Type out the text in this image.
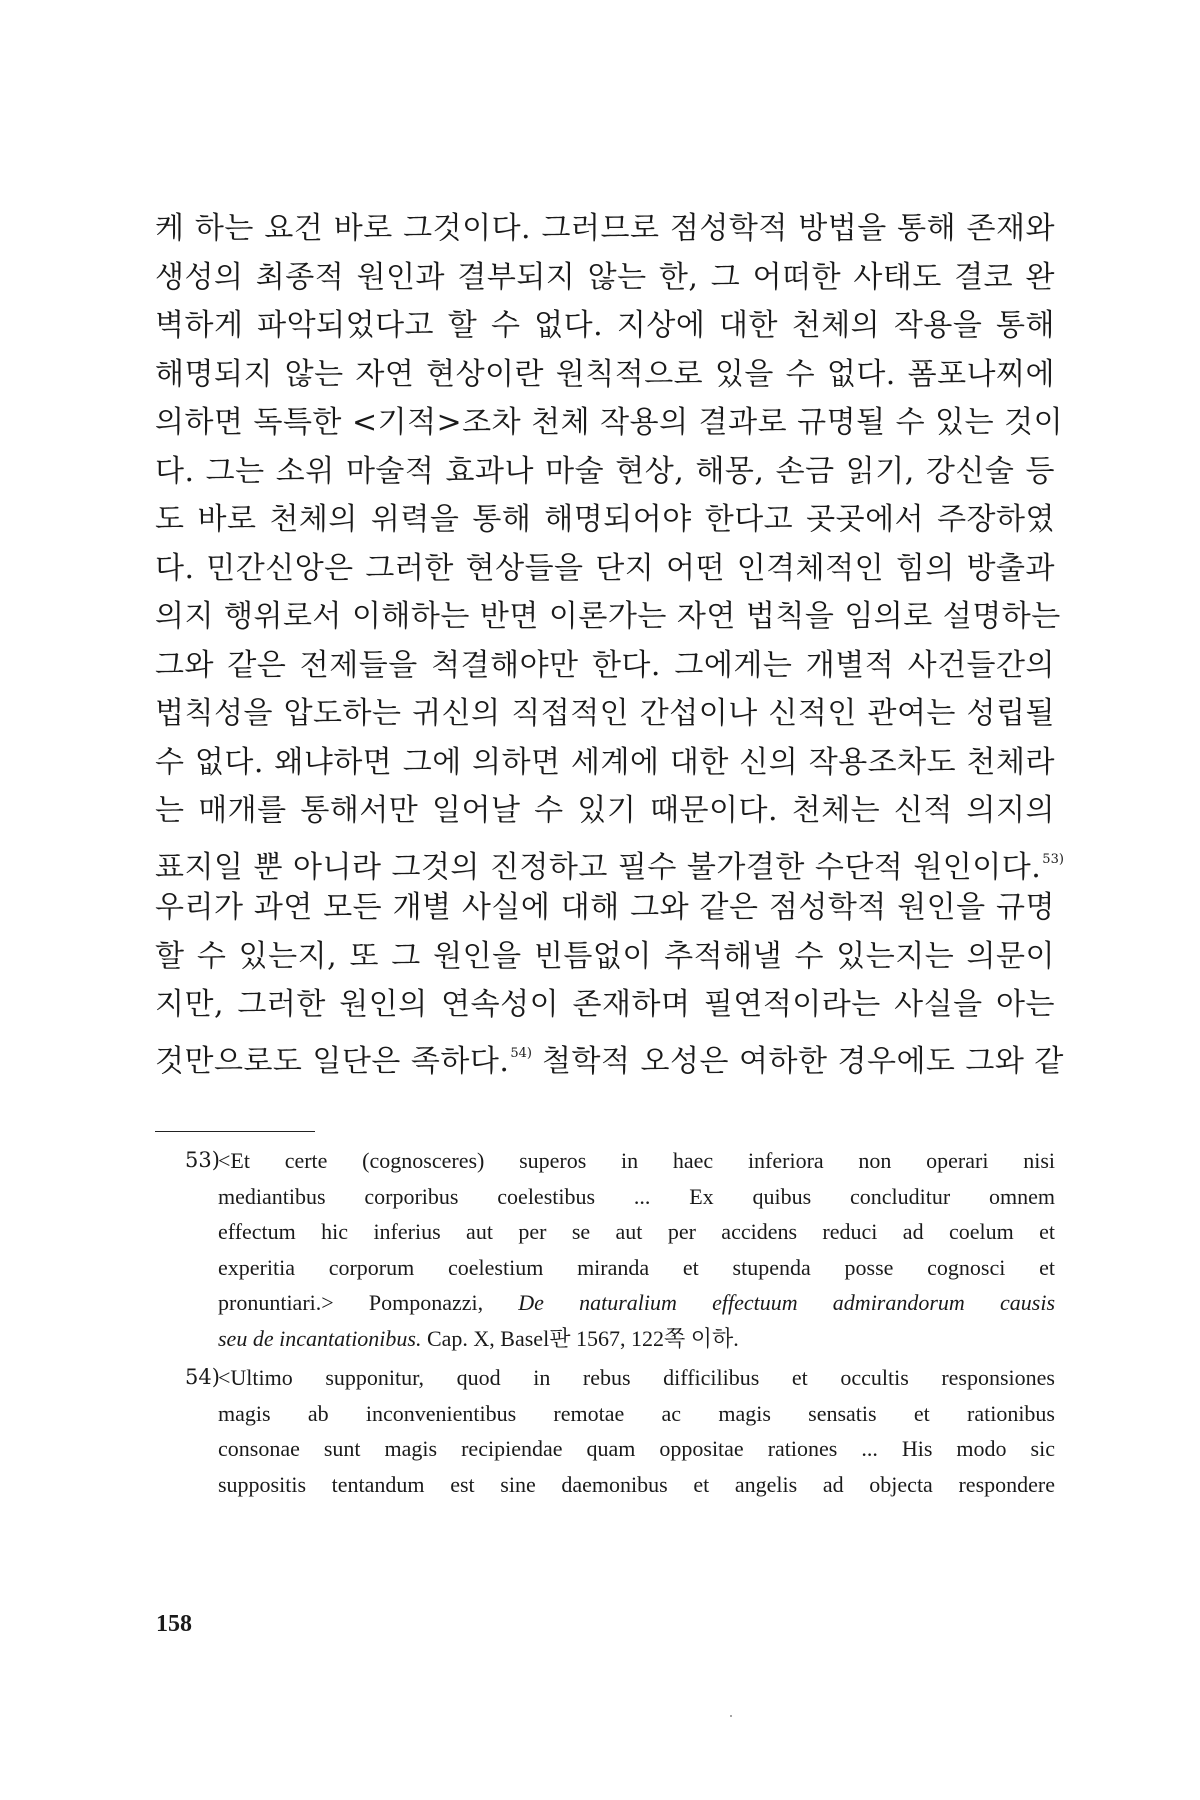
케 하는 요건 바로 그것이다. 그러므로 점성학적 방법을 통해 존재와
생성의 최종적 원인과 결부되지 않는 한, 그 어떠한 사태도 결코 완
벽하게 파악되었다고 할 수 없다. 지상에 대한 천체의 작용을 통해
해명되지 않는 자연 현상이란 원칙적으로 있을 수 없다. 폼포나찌에
의하면 독특한 <기적>조차 천체 작용의 결과로 규명될 수 있는 것이
다. 그는 소위 마술적 효과나 마술 현상, 해몽, 손금 읽기, 강신술 등
도 바로 천체의 위력을 통해 해명되어야 한다고 곳곳에서 주장하였
다. 민간신앙은 그러한 현상들을 단지 어떤 인격체적인 힘의 방출과
의지 행위로서 이해하는 반면 이론가는 자연 법칙을 임의로 설명하는
그와 같은 전제들을 척결해야만 한다. 그에게는 개별적 사건들간의
법칙성을 압도하는 귀신의 직접적인 간섭이나 신적인 관여는 성립될
수 없다. 왜냐하면 그에 의하면 세계에 대한 신의 작용조차도 천체라
는 매개를 통해서만 일어날 수 있기 때문이다. 천체는 신적 의지의
표지일 뿐 아니라 그것의 진정하고 필수 불가결한 수단적 원인이다.$^{53)}$
우리가 과연 모든 개별 사실에 대해 그와 같은 점성학적 원인을 규명
할 수 있는지, 또 그 원인을 빈틈없이 추적해낼 수 있는지는 의문이
지만, 그러한 원인의 연속성이 존재하며 필연적이라는 사실을 아는
것만으로도 일단은 족하다.$^{54)}$ 철학적 오성은 여하한 경우에도 그와 같
53)
<Et certe (cognosceres) superos in haec inferiora non operari nisi
mediantibus corporibus coelestibus ... Ex quibus concluditur omnem
effectum hic inferius aut per se aut per accidens reduci ad coelum et
experitia corporum coelestium miranda et stupenda posse cognosci et
pronuntiari.> Pomponazzi, De naturalium effectuum admirandorum causis
seu de incantationibus. Cap. X, Basel판 1567, 122쪽 이하.
54)
<Ultimo supponitur, quod in rebus difficilibus et occultis responsiones
magis ab inconvenientibus remotae ac magis sensatis et rationibus
consonae sunt magis recipiendae quam oppositae rationes ... His modo sic
suppositis tentandum est sine daemonibus et angelis ad objecta respondere
158
